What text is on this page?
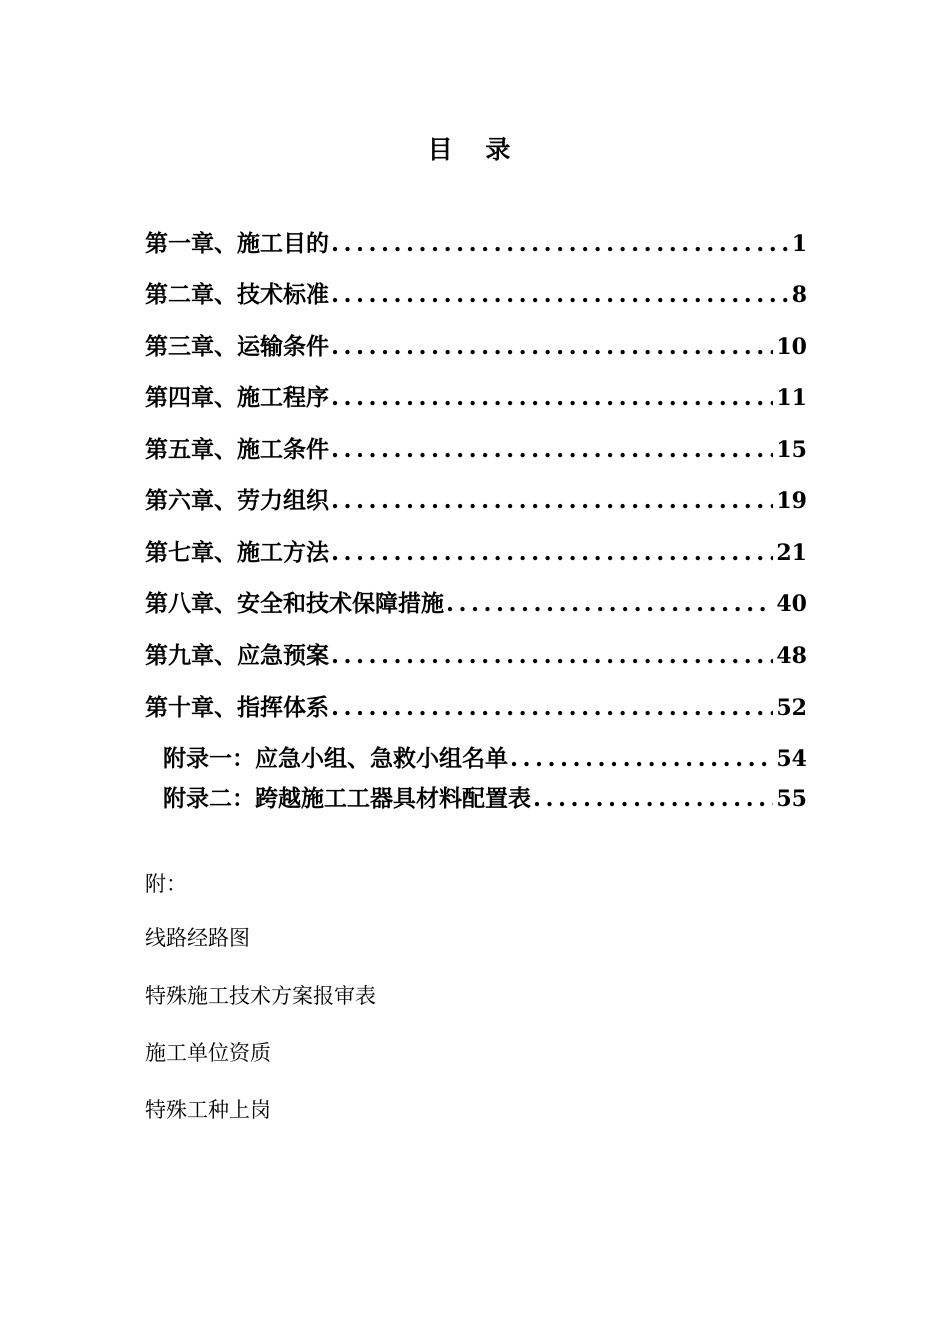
目 录
第一章、施工目的 .....	1
第二章、技术标准 .....	8
第三章、运输条件 .....	10
第四章、施工程序 .....	11
第五章、施工条件 .....	15
第六章、劳力组织 .....	19
第七章、施工方法 .....	21
第八章、安全和技术保障措施 .....	40
第九章、应急预案 .....	48
第十章、指挥体系 .....	52
附录一：应急小组、急救小组名单 .....	54
附录二：跨越施工工器具材料配置表 .....	55
附：
线路经路图
特殊施工技术方案报审表
施工单位资质
特殊工种上岗
